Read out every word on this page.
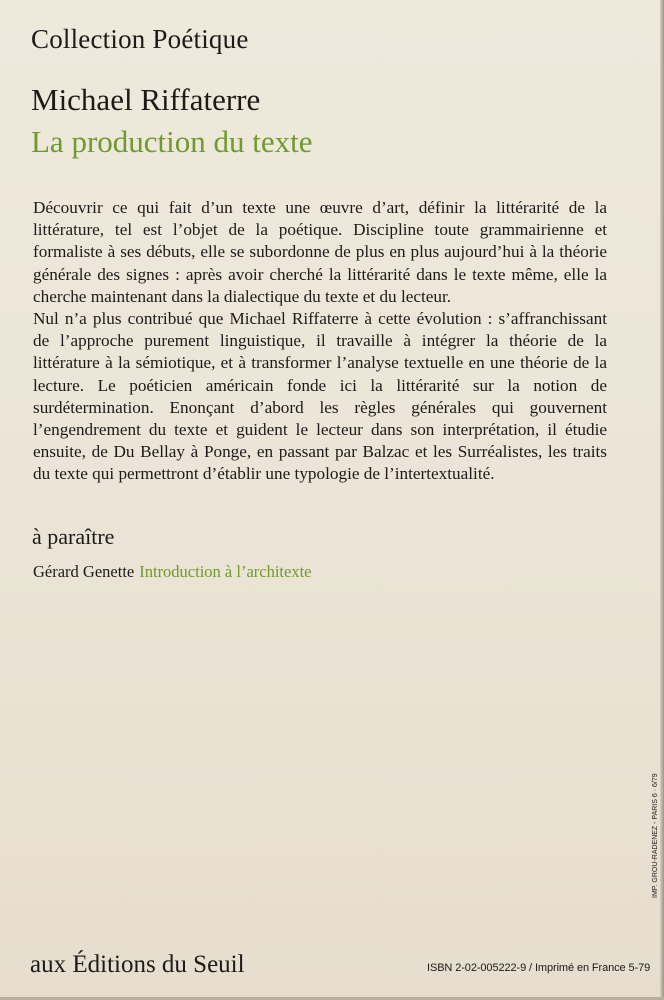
Collection Poétique
Michael Riffaterre
La production du texte

Découvrir ce qui fait d’un texte une œuvre d’art, définir la littérarité de la littérature, tel est l’objet de la poétique. Discipline toute grammairienne et formaliste à ses débuts, elle se subordonne de plus en plus aujourd’hui à la théorie générale des signes : après avoir cherché la littérarité dans le texte même, elle la cherche maintenant dans la dialectique du texte et du lecteur.

Nul n’a plus contribué que Michael Riffaterre à cette évolution : s’affranchissant de l’approche purement linguistique, il travaille à intégrer la théorie de la littérature à la sémiotique, et à transformer l’analyse textuelle en une théorie de la lecture. Le poéticien américain fonde ici la littérarité sur la notion de surdétermination. Enonçant d’abord les règles générales qui gouvernent l’engendrement du texte et guident le lecteur dans son interprétation, il étudie ensuite, de Du Bellay à Ponge, en passant par Balzac et les Surréalistes, les traits du texte qui permettront d’établir une typologie de l’intertextualité.

à paraître
Gérard Genette Introduction à l’architexte
IMP. GROU-RADENEZ - PARIS 6 · 6/79
aux Éditions du Seuil	ISBN 2-02-005222-9 / Imprimé en France 5-79
